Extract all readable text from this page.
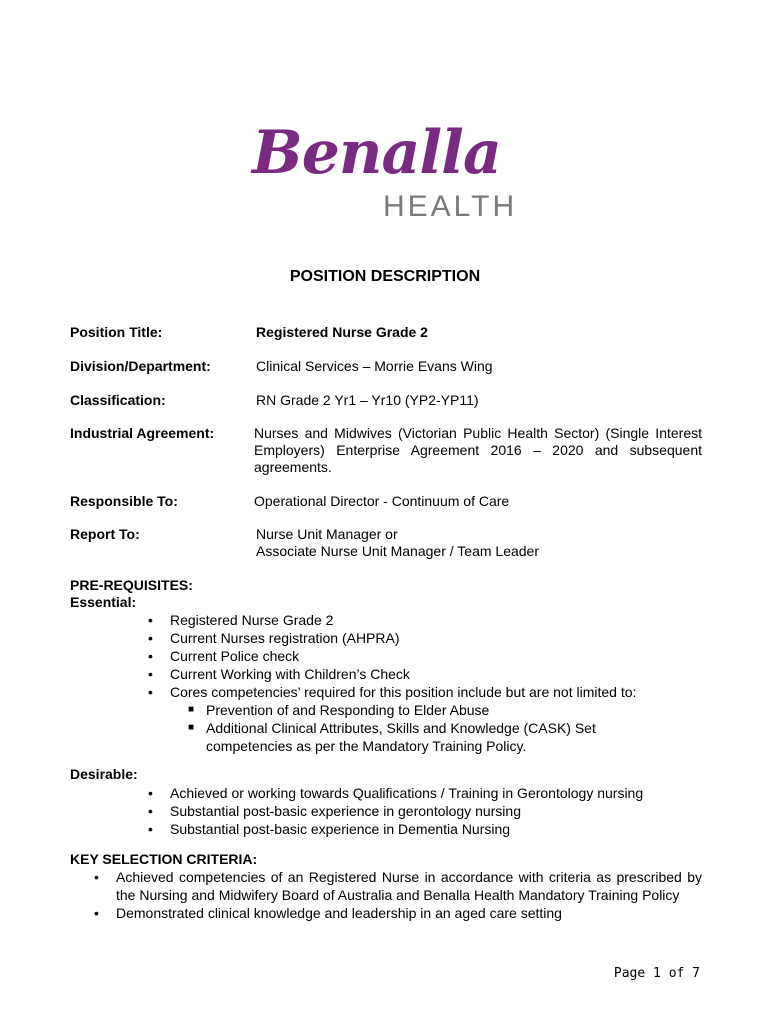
Benalla
HEALTH
POSITION DESCRIPTION
Position Title:	Registered Nurse Grade 2
Division/Department:	Clinical Services – Morrie Evans Wing
Classification:	RN Grade 2 Yr1 – Yr10 (YP2-YP11)
Industrial Agreement:	Nurses and Midwives (Victorian Public Health Sector) (Single Interest Employers) Enterprise Agreement 2016 – 2020 and subsequent agreements.
Responsible To:	Operational Director - Continuum of Care
Report To:	Nurse Unit Manager or
Associate Nurse Unit Manager / Team Leader
PRE-REQUISITES:
Essential:
• Registered Nurse Grade 2
• Current Nurses registration (AHPRA)
• Current Police check
• Current Working with Children’s Check
• Cores competencies’ required for this position include but are not limited to:
■ Prevention of and Responding to Elder Abuse
■ Additional Clinical Attributes, Skills and Knowledge (CASK) Set competencies as per the Mandatory Training Policy.
Desirable:
• Achieved or working towards Qualifications / Training in Gerontology nursing
• Substantial post-basic experience in gerontology nursing
• Substantial post-basic experience in Dementia Nursing
KEY SELECTION CRITERIA:
• Achieved competencies of an Registered Nurse in accordance with criteria as prescribed by the Nursing and Midwifery Board of Australia and Benalla Health Mandatory Training Policy
• Demonstrated clinical knowledge and leadership in an aged care setting
Page 1 of 7
